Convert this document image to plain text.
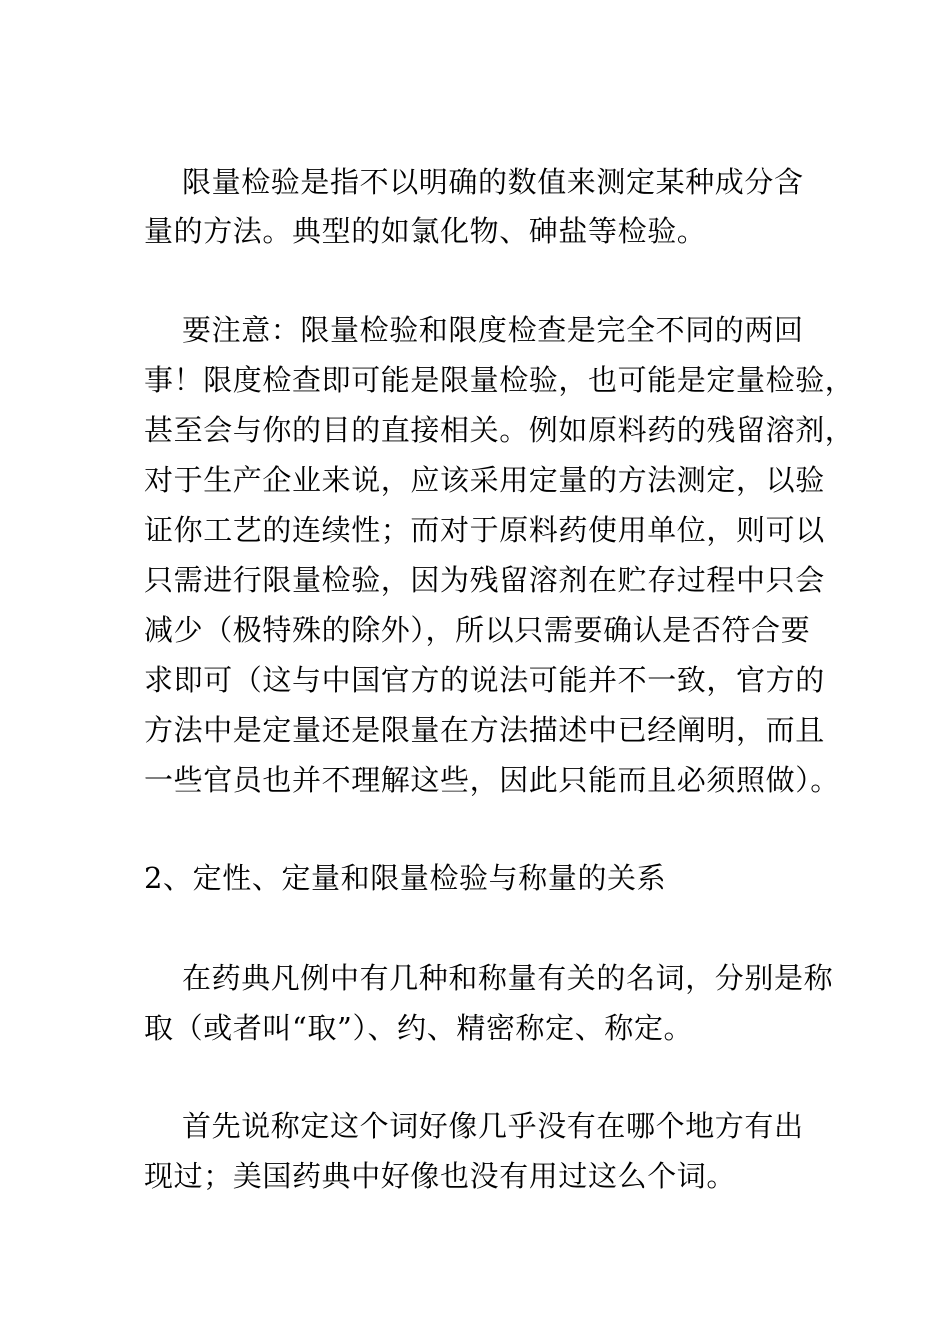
限量检验是指不以明确的数值来测定某种成分含
量的方法。典型的如氯化物、砷盐等检验。
要注意：限量检验和限度检查是完全不同的两回
事！限度检查即可能是限量检验，也可能是定量检验，
甚至会与你的目的直接相关。例如原料药的残留溶剂，
对于生产企业来说，应该采用定量的方法测定，以验
证你工艺的连续性；而对于原料药使用单位，则可以
只需进行限量检验，因为残留溶剂在贮存过程中只会
减少（极特殊的除外），所以只需要确认是否符合要
求即可（这与中国官方的说法可能并不一致，官方的
方法中是定量还是限量在方法描述中已经阐明，而且
一些官员也并不理解这些，因此只能而且必须照做）。
2、定性、定量和限量检验与称量的关系
在药典凡例中有几种和称量有关的名词，分别是称
取（或者叫“取”）、约、精密称定、称定。
首先说称定这个词好像几乎没有在哪个地方有出
现过；美国药典中好像也没有用过这么个词。
